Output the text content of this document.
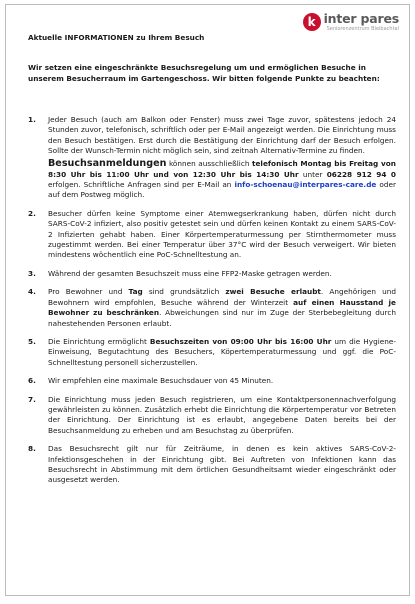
k inter pares
Seniorenzentrum Bleibachtal
Aktuelle INFORMATIONEN zu Ihrem Besuch
Wir setzen eine eingeschränkte Besuchsregelung um und ermöglichen Besuche in unserem Besucherraum im Gartengeschoss. Wir bitten folgende Punkte zu beachten:
1. Jeder Besuch (auch am Balkon oder Fenster) muss zwei Tage zuvor, spätestens jedoch 24 Stunden zuvor, telefonisch, schriftlich oder per E-Mail angezeigt werden. Die Einrichtung muss den Besuch bestätigen. Erst durch die Bestätigung der Einrichtung darf der Besuch erfolgen. Sollte der Wunsch-Termin nicht möglich sein, sind zeitnah Alternativ-Termine zu finden.
Besuchsanmeldungen können ausschließlich telefonisch Montag bis Freitag von 8:30 Uhr bis 11:00 Uhr und von 12:30 Uhr bis 14:30 Uhr unter 06228 912 94 0 erfolgen. Schriftliche Anfragen sind per E-Mail an info-schoenau@interpares-care.de oder auf dem Postweg möglich.
2. Besucher dürfen keine Symptome einer Atemwegserkrankung haben, dürfen nicht durch SARS-CoV-2 infiziert, also positiv getestet sein und dürfen keinen Kontakt zu einem SARS-CoV-2 Infizierten gehabt haben. Einer Körpertemperaturmessung per Stirnthermometer muss zugestimmt werden. Bei einer Temperatur über 37°C wird der Besuch verweigert. Wir bieten mindestens wöchentlich eine PoC-Schnelltestung an.
3. Während der gesamten Besuchszeit muss eine FFP2-Maske getragen werden.
4. Pro Bewohner und Tag sind grundsätzlich zwei Besuche erlaubt. Angehörigen und Bewohnern wird empfohlen, Besuche während der Winterzeit auf einen Hausstand je Bewohner zu beschränken. Abweichungen sind nur im Zuge der Sterbebegleitung durch nahestehenden Personen erlaubt.
5. Die Einrichtung ermöglicht Besuchszeiten von 09:00 Uhr bis 16:00 Uhr um die Hygiene-Einweisung, Begutachtung des Besuchers, Köpertemperaturmessung und ggf. die PoC-Schnelltestung personell sicherzustellen.
6. Wir empfehlen eine maximale Besuchsdauer von 45 Minuten.
7. Die Einrichtung muss jeden Besuch registrieren, um eine Kontaktpersonennachverfolgung gewährleisten zu können. Zusätzlich erhebt die Einrichtung die Körpertemperatur vor Betreten der Einrichtung. Der Einrichtung ist es erlaubt, angegebene Daten bereits bei der Besuchsanmeldung zu erheben und am Besuchstag zu überprüfen.
8. Das Besuchsrecht gilt nur für Zeiträume, in denen es kein aktives SARS-CoV-2-Infektionsgeschehen in der Einrichtung gibt. Bei Auftreten von Infektionen kann das Besuchsrecht in Abstimmung mit dem örtlichen Gesundheitsamt wieder eingeschränkt oder ausgesetzt werden.
